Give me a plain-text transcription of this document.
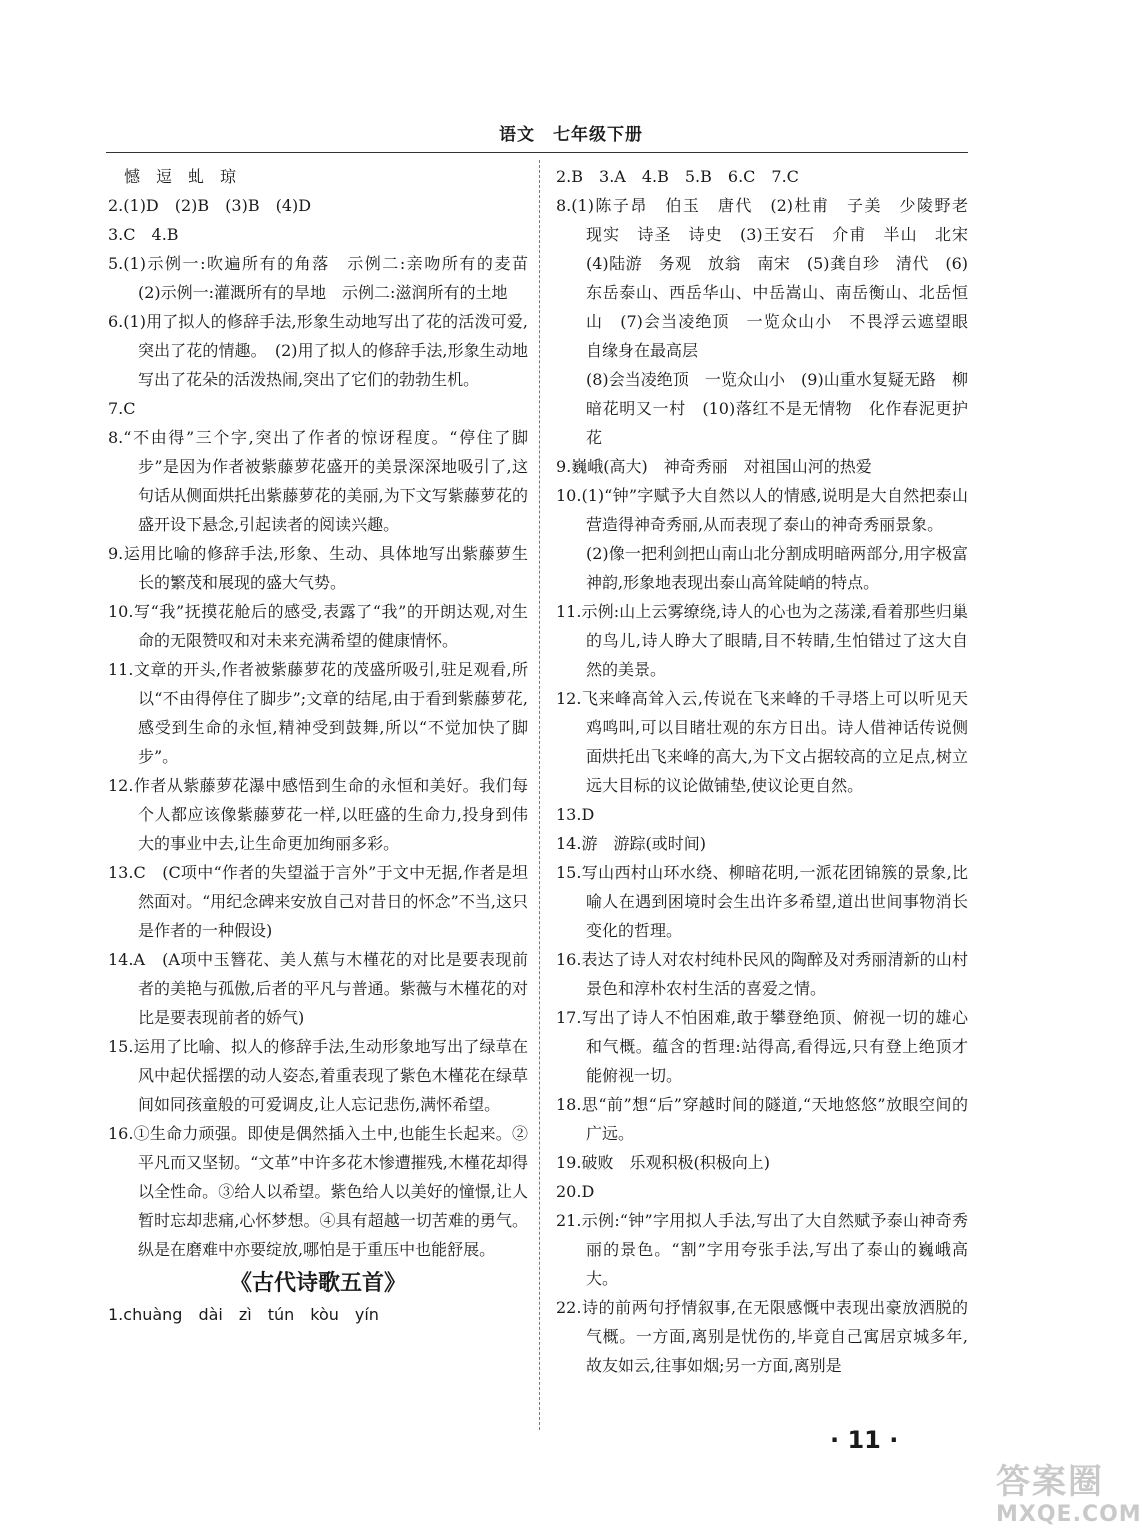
语文　七年级下册
　憾　逗　虬　琼
2.(1)D　(2)B　(3)B　(4)D
3.C　4.B
5.(1)示例一:吹遍所有的角落　示例二:亲吻所有的麦苗　(2)示例一:灌溉所有的旱地　示例二:滋润所有的土地
6.(1)用了拟人的修辞手法,形象生动地写出了花的活泼可爱,突出了花的情趣。　(2)用了拟人的修辞手法,形象生动地写出了花朵的活泼热闹,突出了它们的勃勃生机。
7.C
8.“不由得”三个字,突出了作者的惊讶程度。“停住了脚步”是因为作者被紫藤萝花盛开的美景深深地吸引了,这句话从侧面烘托出紫藤萝花的美丽,为下文写紫藤萝花的盛开设下悬念,引起读者的阅读兴趣。
9.运用比喻的修辞手法,形象、生动、具体地写出紫藤萝生长的繁茂和展现的盛大气势。
10.写“我”抚摸花舱后的感受,表露了“我”的开朗达观,对生命的无限赞叹和对未来充满希望的健康情怀。
11.文章的开头,作者被紫藤萝花的茂盛所吸引,驻足观看,所以“不由得停住了脚步”;文章的结尾,由于看到紫藤萝花,感受到生命的永恒,精神受到鼓舞,所以“不觉加快了脚步”。
12.作者从紫藤萝花瀑中感悟到生命的永恒和美好。我们每个人都应该像紫藤萝花一样,以旺盛的生命力,投身到伟大的事业中去,让生命更加绚丽多彩。
13.C　(C项中“作者的失望溢于言外”于文中无据,作者是坦然面对。“用纪念碑来安放自己对昔日的怀念”不当,这只是作者的一种假设)
14.A　(A项中玉簪花、美人蕉与木槿花的对比是要表现前者的美艳与孤傲,后者的平凡与普通。紫薇与木槿花的对比是要表现前者的娇气)
15.运用了比喻、拟人的修辞手法,生动形象地写出了绿草在风中起伏摇摆的动人姿态,着重表现了紫色木槿花在绿草间如同孩童般的可爱调皮,让人忘记悲伤,满怀希望。
16.①生命力顽强。即使是偶然插入土中,也能生长起来。②平凡而又坚韧。“文革”中许多花木惨遭摧残,木槿花却得以全性命。③给人以希望。紫色给人以美好的憧憬,让人暂时忘却悲痛,心怀梦想。④具有超越一切苦难的勇气。纵是在磨难中亦要绽放,哪怕是于重压中也能舒展。
《古代诗歌五首》
1.chuàng　dài　zì　tún　kòu　yín
2.B　3.A　4.B　5.B　6.C　7.C
8.(1)陈子昂　伯玉　唐代　(2)杜甫　子美　少陵野老　现实　诗圣　诗史　(3)王安石　介甫　半山　北宋　(4)陆游　务观　放翁　南宋　(5)龚自珍　清代　(6)东岳泰山、西岳华山、中岳嵩山、南岳衡山、北岳恒山　(7)会当凌绝顶　一览众山小　不畏浮云遮望眼　自缘身在最高层
(8)会当凌绝顶　一览众山小　(9)山重水复疑无路　柳暗花明又一村　(10)落红不是无情物　化作春泥更护花
9.巍峨(高大)　神奇秀丽　对祖国山河的热爱
10.(1)“钟”字赋予大自然以人的情感,说明是大自然把泰山营造得神奇秀丽,从而表现了泰山的神奇秀丽景象。
(2)像一把利剑把山南山北分割成明暗两部分,用字极富神韵,形象地表现出泰山高耸陡峭的特点。
11.示例:山上云雾缭绕,诗人的心也为之荡漾,看着那些归巢的鸟儿,诗人睁大了眼睛,目不转睛,生怕错过了这大自然的美景。
12.飞来峰高耸入云,传说在飞来峰的千寻塔上可以听见天鸡鸣叫,可以目睹壮观的东方日出。诗人借神话传说侧面烘托出飞来峰的高大,为下文占据较高的立足点,树立远大目标的议论做铺垫,使议论更自然。
13.D
14.游　游踪(或时间)
15.写山西村山环水绕、柳暗花明,一派花团锦簇的景象,比喻人在遇到困境时会生出许多希望,道出世间事物消长变化的哲理。
16.表达了诗人对农村纯朴民风的陶醉及对秀丽清新的山村景色和淳朴农村生活的喜爱之情。
17.写出了诗人不怕困难,敢于攀登绝顶、俯视一切的雄心和气概。蕴含的哲理:站得高,看得远,只有登上绝顶才能俯视一切。
18.思“前”想“后”穿越时间的隧道,“天地悠悠”放眼空间的广远。
19.破败　乐观积极(积极向上)
20.D
21.示例:“钟”字用拟人手法,写出了大自然赋予泰山神奇秀丽的景色。“割”字用夸张手法,写出了泰山的巍峨高大。
22.诗的前两句抒情叙事,在无限感慨中表现出豪放洒脱的气概。一方面,离别是忧伤的,毕竟自己寓居京城多年,故友如云,往事如烟;另一方面,离别是
· 11 ·
答案圈
MXQE.COM
